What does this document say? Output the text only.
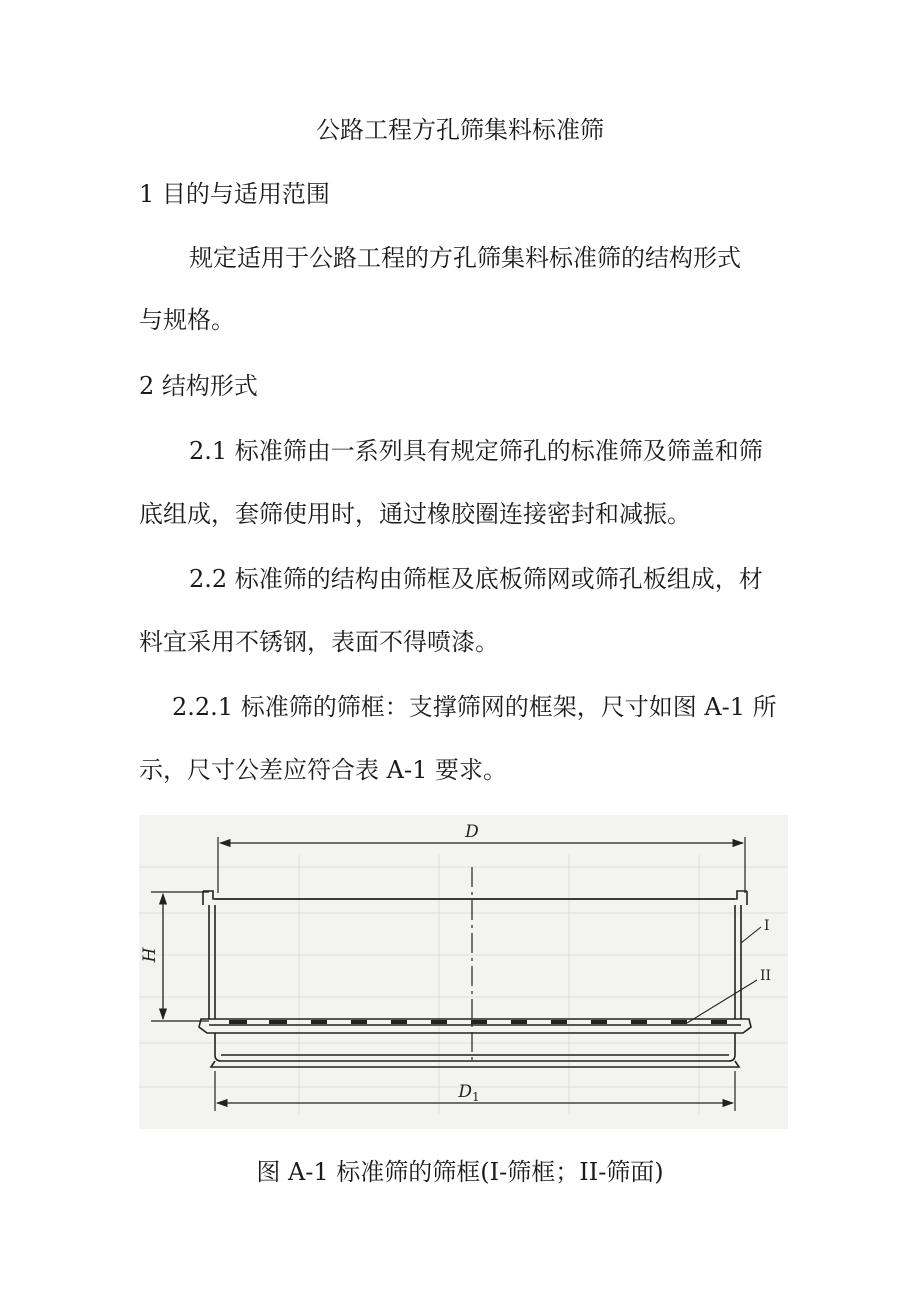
公路工程方孔筛集料标准筛
1 目的与适用范围
规定适用于公路工程的方孔筛集料标准筛的结构形式
与规格。
2 结构形式
2.1 标准筛由一系列具有规定筛孔的标准筛及筛盖和筛
底组成，套筛使用时，通过橡胶圈连接密封和减振。
2.2 标准筛的结构由筛框及底板筛网或筛孔板组成，材
料宜采用不锈钢，表面不得喷漆。
2.2.1 标准筛的筛框：支撑筛网的框架，尺寸如图 A-1 所
示，尺寸公差应符合表 A-1 要求。
D
H
I
II
$D_1$
图 A-1 标准筛的筛框(I-筛框；II-筛面)
